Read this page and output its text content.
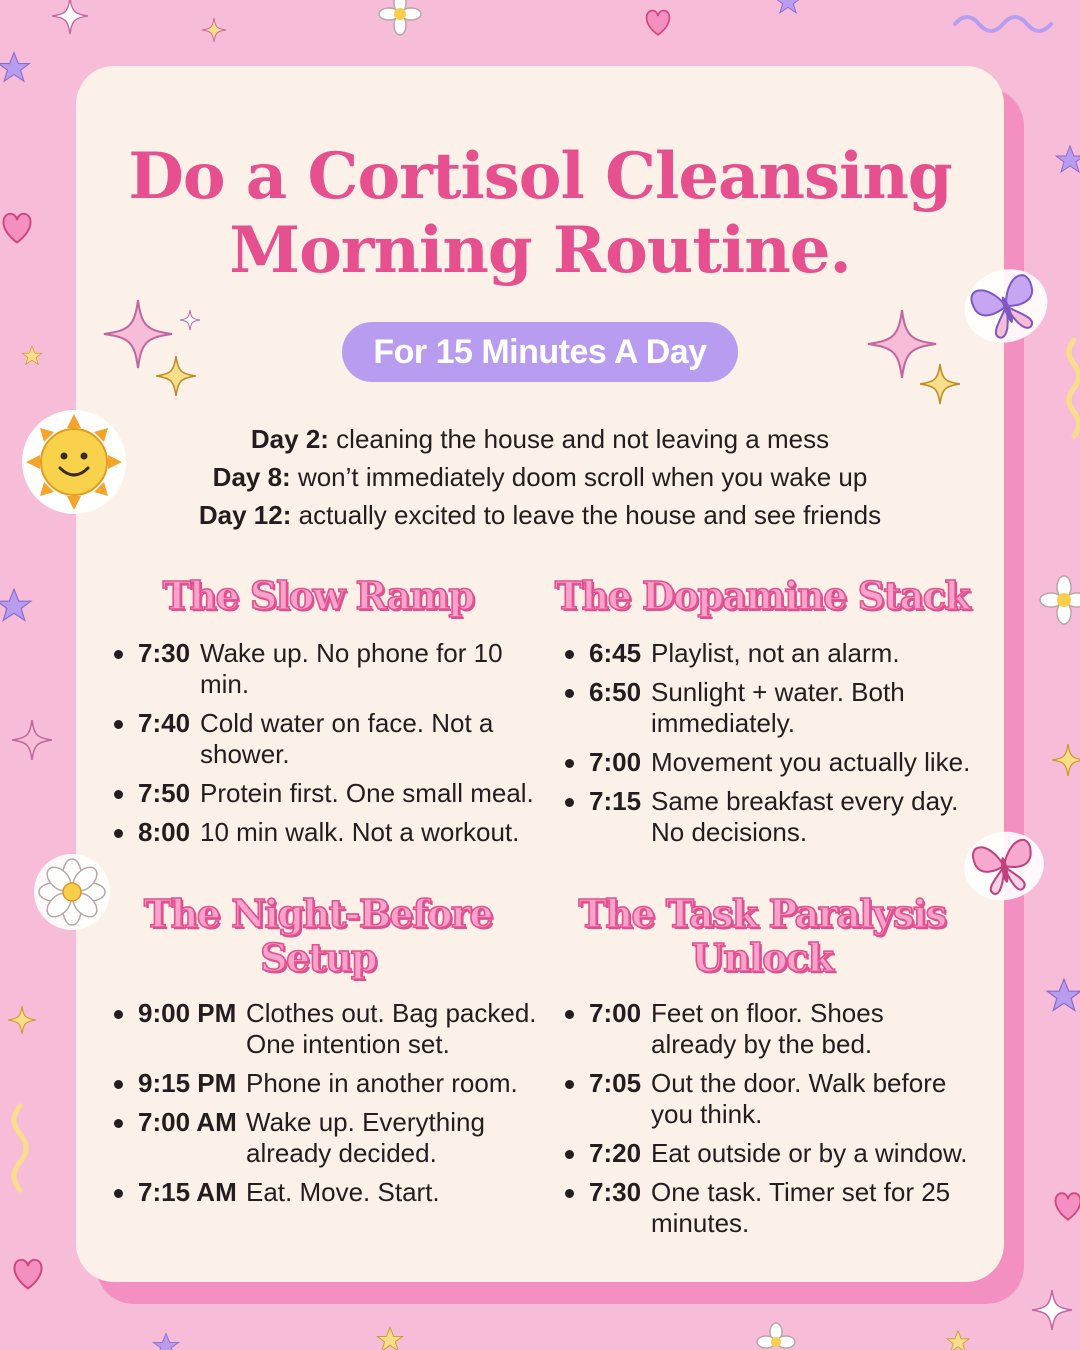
Do a Cortisol Cleansing
Morning Routine.
For 15 Minutes A Day
Day 2: cleaning the house and not leaving a mess
Day 8: won’t immediately doom scroll when you wake up
Day 12: actually excited to leave the house and see friends
The Slow Ramp
7:30 Wake up. No phone for 10 min.
7:40 Cold water on face. Not a shower.
7:50 Protein first. One small meal.
8:00 10 min walk. Not a workout.
The Dopamine Stack
6:45 Playlist, not an alarm.
6:50 Sunlight + water. Both immediately.
7:00 Movement you actually like.
7:15 Same breakfast every day. No decisions.
The Night-Before
Setup
9:00 PM Clothes out. Bag packed. One intention set.
9:15 PM Phone in another room.
7:00 AM Wake up. Everything already decided.
7:15 AM Eat. Move. Start.
The Task Paralysis
Unlock
7:00 Feet on floor. Shoes already by the bed.
7:05 Out the door. Walk before you think.
7:20 Eat outside or by a window.
7:30 One task. Timer set for 25 minutes.
